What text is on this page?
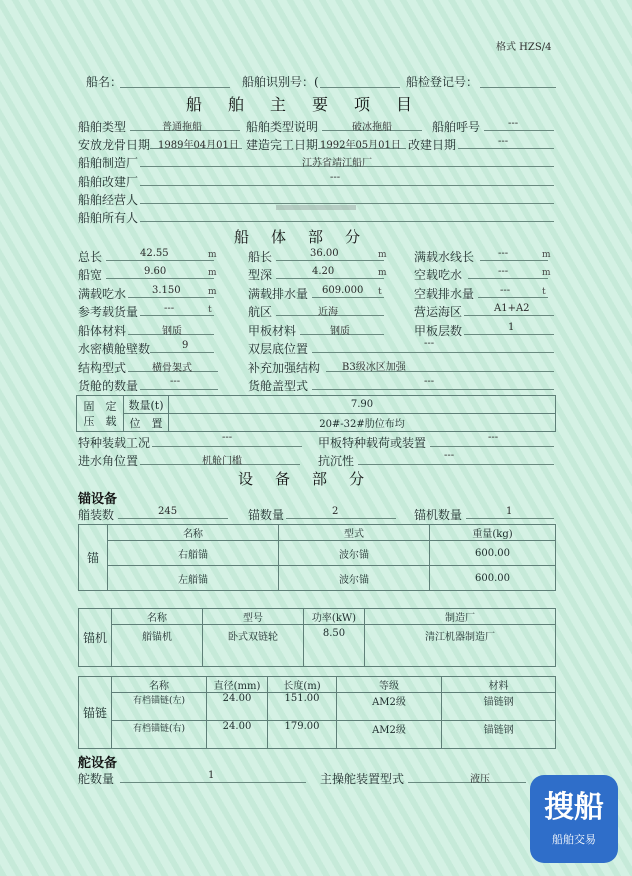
格式 HZS/4
船名：	船舶识别号：(	船检登记号：
船舶主要项目
船舶类型	普通拖船	船舶类型说明	破冰拖船	船舶呼号	---
安放龙骨日期 1989年04月01日 建造完工日期 1992年05月01日 改建日期	---
船舶制造厂	江苏省靖江船厂
船舶改建厂	---
船舶经营人
船舶所有人
船体部分
总长	42.55	m	船长	36.00	m 满载水线长 ---	m
船宽	9.60	m	型深	4.20	m 空载吃水	---	m
满载吃水	3.150	m	满载排水量 609.000 t	空载排水量	---	t
参考载货量	---	t	航区	近海	营运海区	A1+A2
船体材料	钢质	甲板材料	钢质	甲板层数	1
水密横舱壁数	9	双层底位置	---
结构型式	横骨架式	补充加强结构 B3级冰区加强
货舱的数量	---	货舱盖型式	---
固　定
压　载	数量(t)	7.90
	位　置	20#-32#肋位布均
特种装载工况	---	甲板特种载荷或装置	---
进水角位置	机舱门槛	抗沉性	---
设备部分
锚设备
艏装数	245	锚数量	2	锚机数量	1
锚	名称	型式	重量(kg)
	右艏锚	波尔锚	600.00
	左艏锚	波尔锚	600.00
锚机	名称	型号	功率(kW)	制造厂
	艏锚机	卧式双链轮	8.50	清江机器制造厂
锚链	名称	直径(mm)	长度(m)	等级	材料
	有档锚链(左)	24.00	151.00	AM2级	锚链钢
	有档锚链(右)	24.00	179.00	AM2级	锚链钢
舵设备
舵数量	1	主操舵装置型式	液压
搜船
船舶交易
